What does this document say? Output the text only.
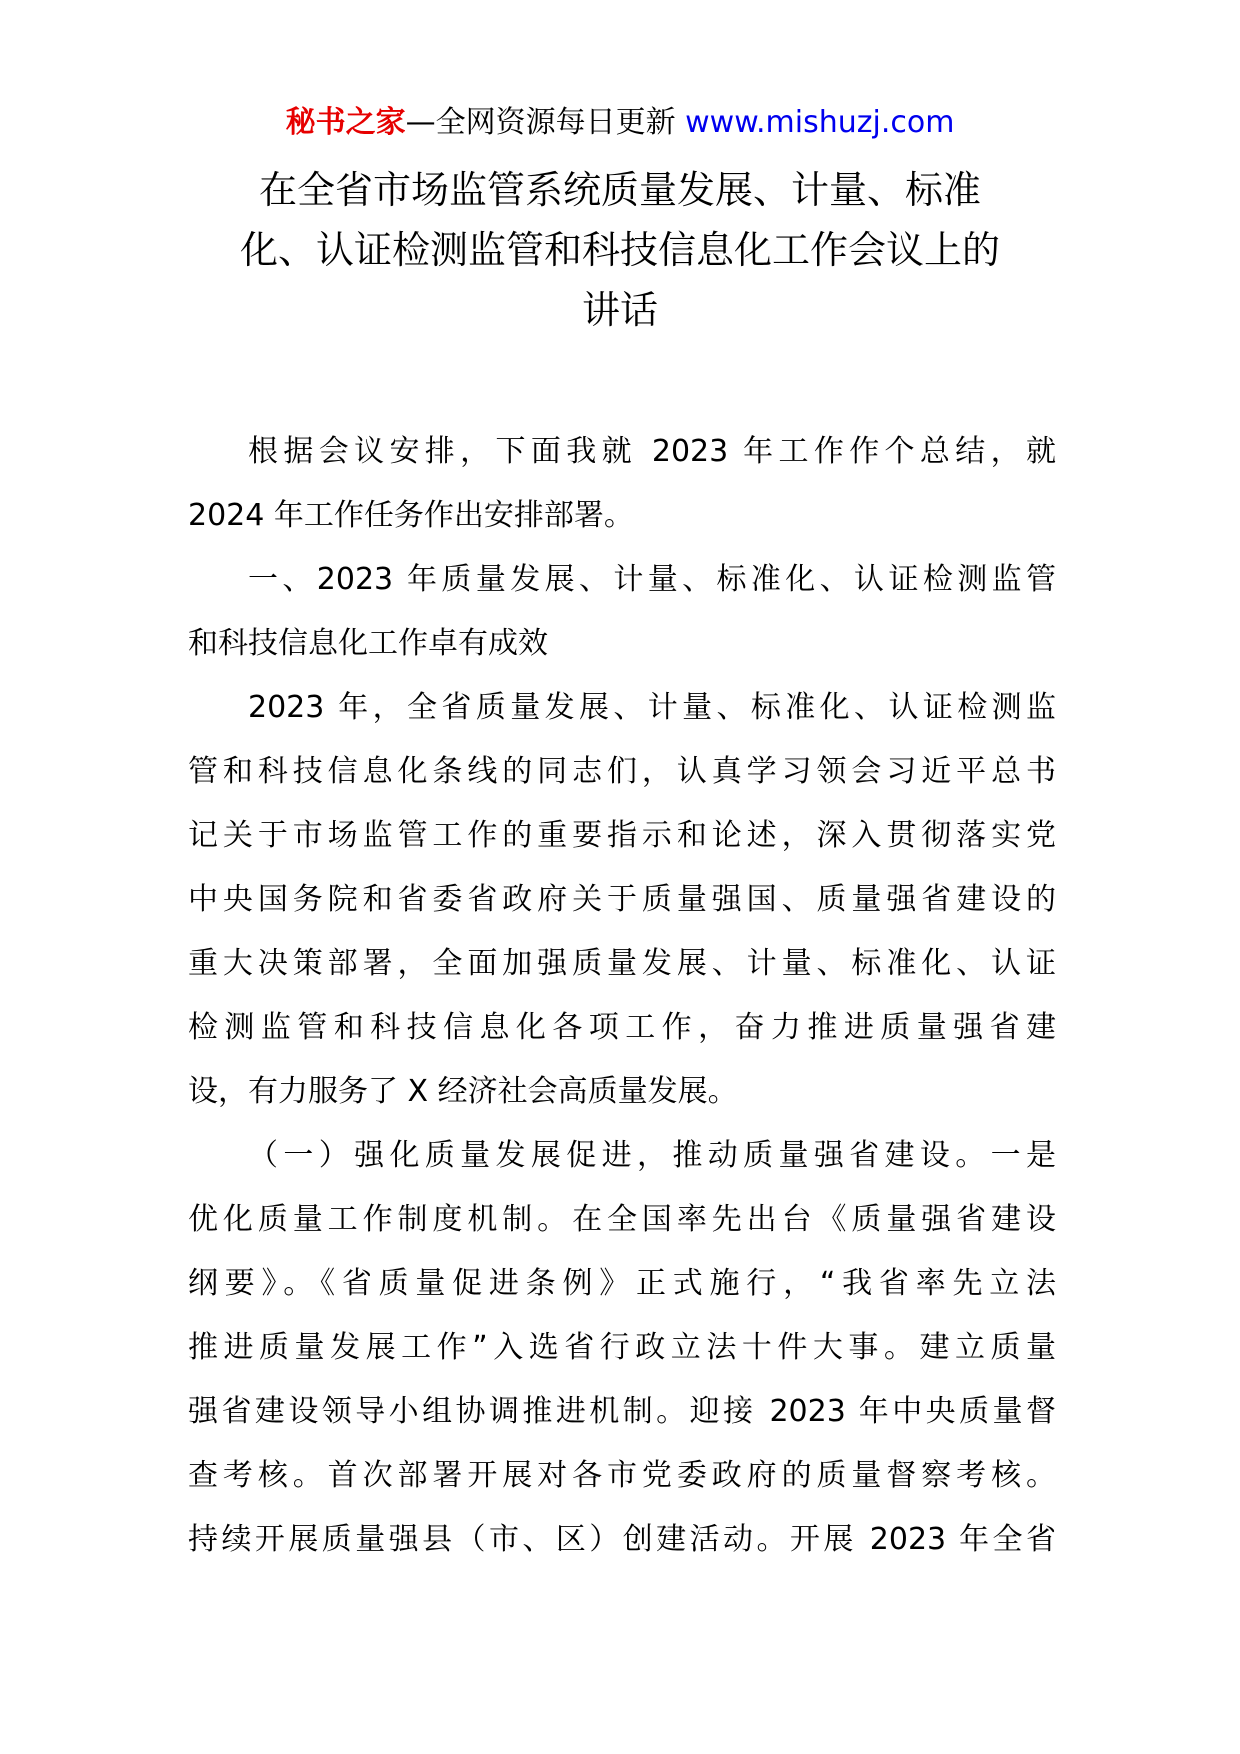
秘书之家—全网资源每日更新 www.mishuzj.com
在全省市场监管系统质量发展、计量、标准
化、认证检测监管和科技信息化工作会议上的
讲话

根据会议安排，下面我就 2023 年工作作个总结，就
2024 年工作任务作出安排部署。

一、2023 年质量发展、计量、标准化、认证检测监管
和科技信息化工作卓有成效

2023 年，全省质量发展、计量、标准化、认证检测监
管和科技信息化条线的同志们，认真学习领会习近平总书
记关于市场监管工作的重要指示和论述，深入贯彻落实党
中央国务院和省委省政府关于质量强国、质量强省建设的
重大决策部署，全面加强质量发展、计量、标准化、认证
检测监管和科技信息化各项工作，奋力推进质量强省建
设，有力服务了 X 经济社会高质量发展。

（一）强化质量发展促进，推动质量强省建设。一是
优化质量工作制度机制。在全国率先出台《质量强省建设
纲要》。《省质量促进条例》正式施行，“我省率先立法
推进质量发展工作”入选省行政立法十件大事。建立质量
强省建设领导小组协调推进机制。迎接 2023 年中央质量督
查考核。首次部署开展对各市党委政府的质量督察考核。
持续开展质量强县（市、区）创建活动。开展 2023 年全省
